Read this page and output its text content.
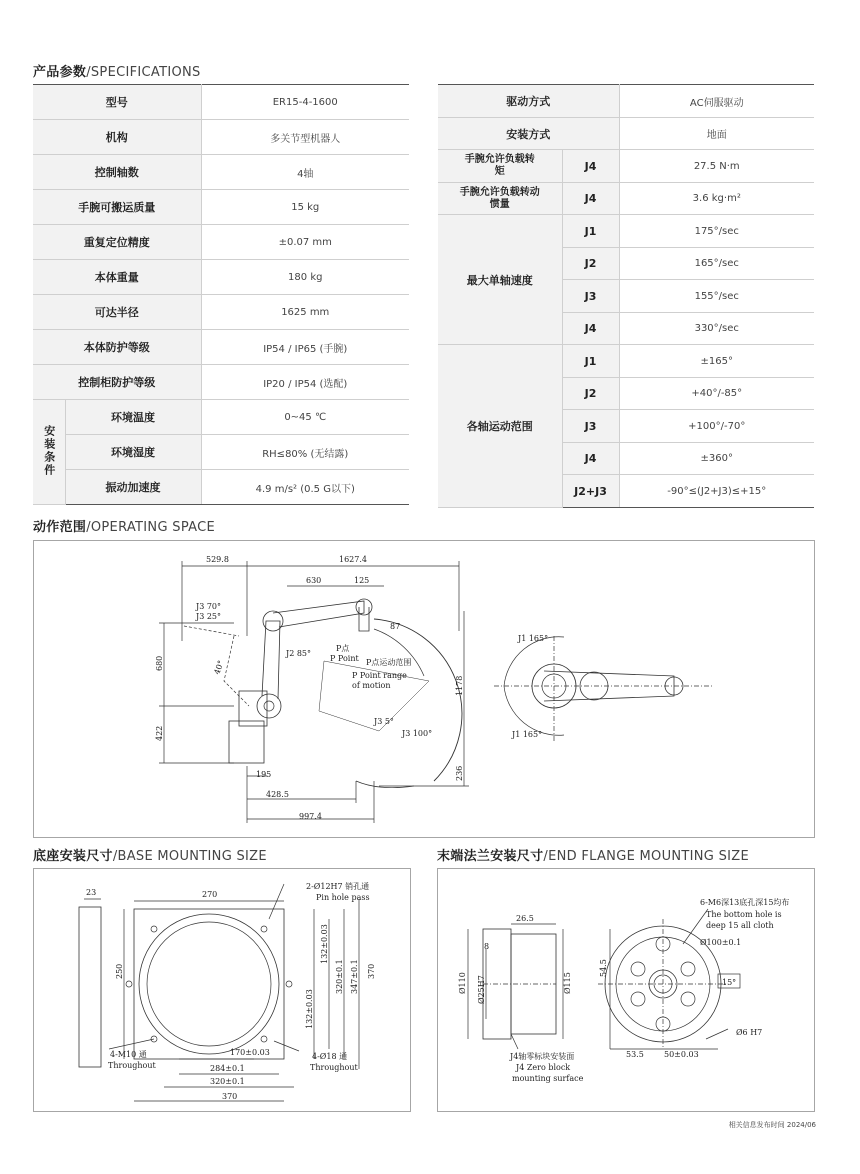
产品参数/SPECIFICATIONS
型号		ER15-4-1600
机构		多关节型机器人
控制轴数		4轴
手腕可搬运质量		15 kg
重复定位精度		±0.07 mm
本体重量		180 kg
可达半径		1625 mm
本体防护等级		IP54 / IP65 (手腕)
控制柜防护等级		IP20 / IP54 (选配)
安装条件	环境温度	0~45 ℃
	环境湿度	RH≤80% (无结露)
	振动加速度	4.9 m/s² (0.5 G以下)
驱动方式		AC伺服驱动
安装方式		地面
手腕允许负载转矩	J4	27.5 N·m
手腕允许负载转动惯量	J4	3.6 kg·m²
最大单轴速度	J1	175°/sec
	J2	165°/sec
	J3	155°/sec
	J4	330°/sec
各轴运动范围	J1	±165°
	J2	+40°/-85°
	J3	+100°/-70°
	J4	±360°
	J2+J3	-90°≤(J2+J3)≤+15°
动作范围/OPERATING SPACE
529.8	1627.4
630	125
87
680
422
195
428.5
997.4
1178
236
J3 70°
J3 25°
J2 85°
P点
P Point P点运动范围
P Point range
of motion
J3 5°
J3 100°
40°
J1 165°
J1 165°
底座安装尺寸/BASE MOUNTING SIZE
23	270
250	370
347±0.1
320±0.1
132±0.03
132±0.03
170±0.03
284±0.1
320±0.1
370
2-Ø12H7 销孔通
Pin hole pass
4-M10 通
Throughout
4-Ø18 通
Throughout
末端法兰安装尺寸/END FLANGE MOUNTING SIZE
26.5
8
Ø110 Ø25H7	Ø115
54.5
Ø100±0.1
15°
Ø6 H7
53.5	50±0.03
6-M6深13底孔深15均布
The bottom hole is
deep 15 all cloth
J4轴零标块安装面
J4 Zero block
mounting surface
相关信息发布时间 2024/06
